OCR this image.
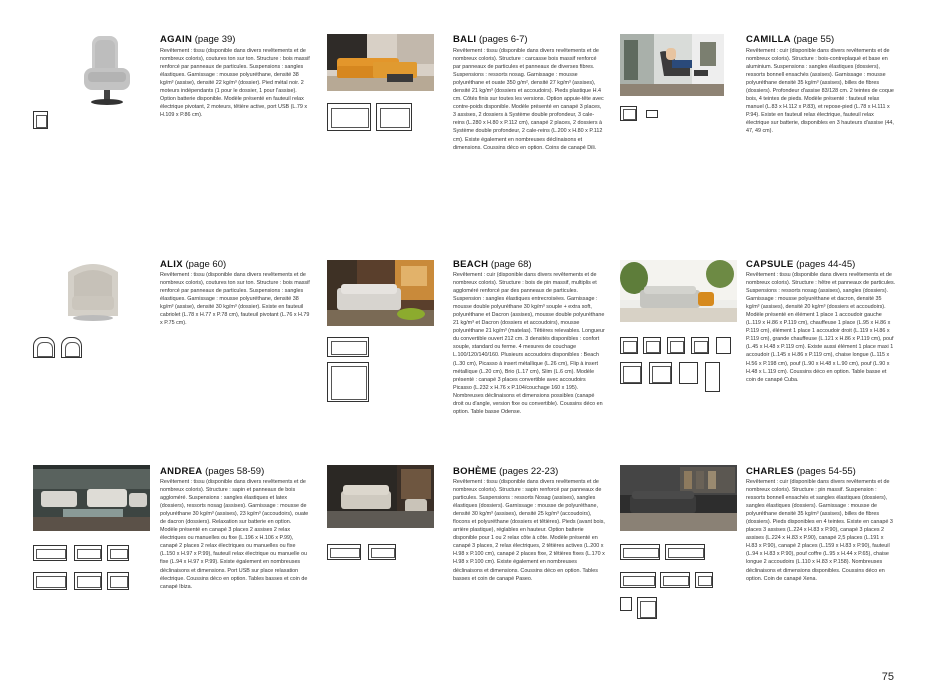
AGAIN (page 39)

Revêtement : tissu (disponible dans divers revêtements et de nombreux coloris), coutures ton sur ton. Structure : bois massif renforcé par panneaux de particules. Suspensions : sangles élastiques. Garnissage : mousse polyuréthane, densité 38 kg/m³ (assise), densité 22 kg/m³ (dossier). Pied métal noir. 2 moteurs indépendants (1 pour le dossier, 1 pour l'assise). Option batterie disponible. Modèle présenté en fauteuil relax électrique pivotant, 2 moteurs, têtière active, port USB (L.79 x H.109 x P.86 cm).

BALI (pages 6-7)

Revêtement : tissu (disponible dans divers revêtements et de nombreux coloris). Structure : carcasse bois massif renforcé par panneaux de particules et panneaux de diverses fibres. Suspensions : ressorts nosag. Garnissage : mousse polyuréthane et ouate 350 g/m², densité 27 kg/m³ (assises), densité 21 kg/m³ (dossiers et accoudoirs). Pieds plastique H.4 cm. Côtés finis sur toutes les versions. Option appuie-tête avec contre-poids disponible. Modèle présenté en canapé 3 places, 3 assises, 2 dossiers à Système double profondeur, 3 cale-reins (L.280 x H.80 x P.112 cm), canapé 2 places, 2 dossiers à Système double profondeur, 2 cale-reins (L.200 x H.80 x P.112 cm). Existe également en nombreuses déclinaisons et dimensions. Coussins déco en option. Coins de canapé Dili.

CAMILLA (page 55)

Revêtement : cuir (disponible dans divers revêtements et de nombreux coloris). Structure : bois-contreplaqué et base en aluminium. Suspensions : sangles élastiques (dossiers), ressorts bonnell ensachés (assises). Garnissage : mousse polyuréthane densité 35 kg/m³ (assises), billes de fibres (dossiers). Profondeur d'assise 83/128 cm. 2 teintes de coque bois, 4 teintes de pieds. Modèle présenté : fauteuil relax manuel (L.83 x H.112 x P.83), et repose-pied (L.78 x H.111 x P.94). Existe en fauteuil relax électrique, fauteuil relax électrique sur batterie, disponibles en 3 hauteurs d'assise (44, 47, 49 cm).

ALIX (page 60)

Revêtement : tissu (disponible dans divers revêtements et de nombreux coloris), coutures ton sur ton. Structure : bois massif renforcé par panneaux de particules. Suspensions : sangles élastiques. Garnissage : mousse polyuréthane, densité 38 kg/m³ (assise), densité 30 kg/m³ (dossier). Existe en fauteuil cabriolet (L.78 x H.77 x P.78 cm), fauteuil pivotant (L.76 x H.79 x P.75 cm).

BEACH (page 68)

Revêtement : cuir (disponible dans divers revêtements et de nombreux coloris). Structure : bois de pin massif, multiplis et aggloméré renforcé par des panneaux de particules. Suspension : sangles élastiques entrecroisées. Garnissage : mousse double polyuréthane 30 kg/m³ souple + extra soft, polyuréthane et Dacron (assises), mousse double polyuréthane 21 kg/m³ et Dacron (dossiers et accoudoirs), mousse polyuréthane 21 kg/m³ (matelas). Têtières relevables. Longueur du convertible ouvert 212 cm. 3 densités disponibles : confort souple, standard ou ferme. 4 mesures de couchage L.100/120/140/160. Plusieurs accoudoirs disponibles : Beach (L.30 cm), Picasso à insert métallique (L.26 cm), Flip à insert métallique (L.20 cm), Brio (L.17 cm), Slim (L.6 cm). Modèle présenté : canapé 3 places convertible avec accoudoirs Picasso (L.232 x H.76 x P.104/couchage 160 x 195). Nombreuses déclinaisons et dimensions possibles (canapé droit ou d'angle, version fixe ou convertible). Coussins déco en option. Table basse Odense.

CAPSULE (pages 44-45)

Revêtement : tissu (disponible dans divers revêtements et de nombreux coloris). Structure : hêtre et panneaux de particules. Suspensions : ressorts nosag (assises), sangles (dossiers). Garnissage : mousse polyuréthane et dacron, densité 35 kg/m³ (assises), densité 20 kg/m³ (dossiers et accoudoirs). Modèle présenté en élément 1 place 1 accoudoir gauche (L.119 x H.86 x P.119 cm), chauffeuse 1 place (L.95 x H.86 x P.119 cm), élément 1 place 1 accoudoir droit (L.119 x H.86 x P.119 cm), grande chauffeuse (L.121 x H.86 x P.119 cm), pouf (L.45 x H.48 x P.119 cm). Existe aussi élément 1 place maxi 1 accoudoir (L.145 x H.86 x P.119 cm), chaise longue (L.115 x H.56 x P.198 cm), pouf (L.90 x H.48 x L.90 cm), pouf (L.90 x H.48 x L.119 cm). Coussins déco en option. Table basse et coin de canapé Cuba.

ANDREA (pages 58-59)

Revêtement : tissu (disponible dans divers revêtements et de nombreux coloris). Structure : sapin et panneaux de bois aggloméré. Suspensions : sangles élastiques et latex (dossiers), ressorts nosag (assises). Garnissage : mousse de polyuréthane 30 kg/m³ (assises), 23 kg/m³ (accoudoirs), ouate de dacron (dossiers). Relaxation sur batterie en option. Modèle présenté en canapé 3 places 2 assises 2 relax électriques ou manuelles ou fixe (L.196 x H.106 x P.99), canapé 2 places 2 relax électriques ou manuelles ou fixe (L.150 x H.97 x P.99), fauteuil relax électrique ou manuelle ou fixe (L.94 x H.97 x P.99). Existe également en nombreuses déclinaisons et dimensions. Port USB sur place relaxation électrique. Coussins déco en option. Tables basses et coin de canapé Ibiza.

BOHÈME (pages 22-23)

Revêtement : tissu (disponible dans divers revêtements et de nombreux coloris). Structure : sapin renforcé par panneaux de particules. Suspensions : ressorts Nosag (assises), sangles élastiques (dossiers). Garnissage : mousse de polyuréthane, densité 30 kg/m³ (assises), densité 25 kg/m³ (accoudoirs), flocons et polyuréthane (dossiers et têtières). Pieds (avant bois, arrière plastique), réglables en hauteur. Option batterie disponible pour 1 ou 2 relax côte à côte. Modèle présenté en canapé 3 places, 2 relax électriques, 2 têtières actives (L.200 x H.98 x P.100 cm), canapé 2 places fixe, 2 têtières fixes (L.170 x H.98 x P.100 cm). Existe également en nombreuses déclinaisons et dimensions. Coussins déco en option. Tables basses et coin de canapé Paseo.

CHARLES (pages 54-55)

Revêtement : cuir (disponible dans divers revêtements et de nombreux coloris). Structure : pin massif. Suspension : ressorts bonnell ensachés et sangles élastiques (dossiers), sangles élastiques (dossiers). Garnissage : mousse de polyuréthane densité 35 kg/m³ (assises), billes de fibres (dossiers). Pieds disponibles en 4 teintes. Existe en canapé 3 places 3 assises (L.224 x H.83 x P.90), canapé 3 places 2 assises (L.224 x H.83 x P.90), canapé 2,5 places (L.191 x H.83 x P.90), canapé 2 places (L.159 x H.83 x P.90), fauteuil (L.94 x H.83 x P.90), pouf coffre (L.95 x H.44 x P.65), chaise longue 2 accoudoirs (L.110 x H.83 x P.158). Nombreuses déclinaisons et dimensions disponibles. Coussins déco en option. Coin de canapé Xena.

75
